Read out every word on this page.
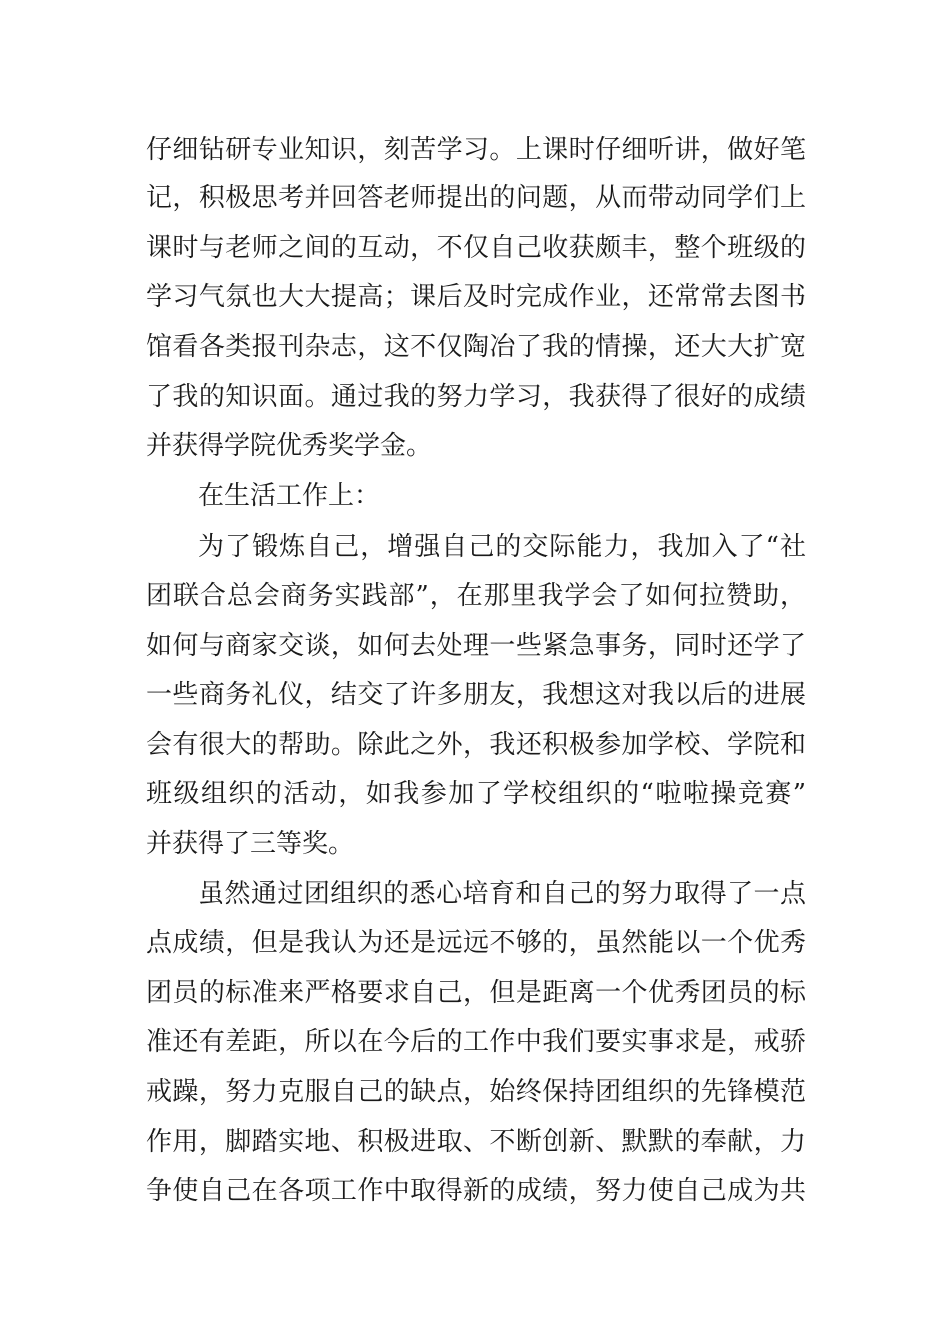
仔细钻研专业知识，刻苦学习。上课时仔细听讲，做好笔
记，积极思考并回答老师提出的问题，从而带动同学们上
课时与老师之间的互动，不仅自己收获颇丰，整个班级的
学习气氛也大大提高；课后及时完成作业，还常常去图书
馆看各类报刊杂志，这不仅陶冶了我的情操，还大大扩宽
了我的知识面。通过我的努力学习，我获得了很好的成绩
并获得学院优秀奖学金。
在生活工作上：
为了锻炼自己，增强自己的交际能力，我加入了“社
团联合总会商务实践部”，在那里我学会了如何拉赞助，
如何与商家交谈，如何去处理一些紧急事务，同时还学了
一些商务礼仪，结交了许多朋友，我想这对我以后的进展
会有很大的帮助。除此之外，我还积极参加学校、学院和
班级组织的活动，如我参加了学校组织的“啦啦操竞赛”
并获得了三等奖。
虽然通过团组织的悉心培育和自己的努力取得了一点
点成绩，但是我认为还是远远不够的，虽然能以一个优秀
团员的标准来严格要求自己，但是距离一个优秀团员的标
准还有差距，所以在今后的工作中我们要实事求是，戒骄
戒躁，努力克服自己的缺点，始终保持团组织的先锋模范
作用，脚踏实地、积极进取、不断创新、默默的奉献，力
争使自己在各项工作中取得新的成绩，努力使自己成为共
